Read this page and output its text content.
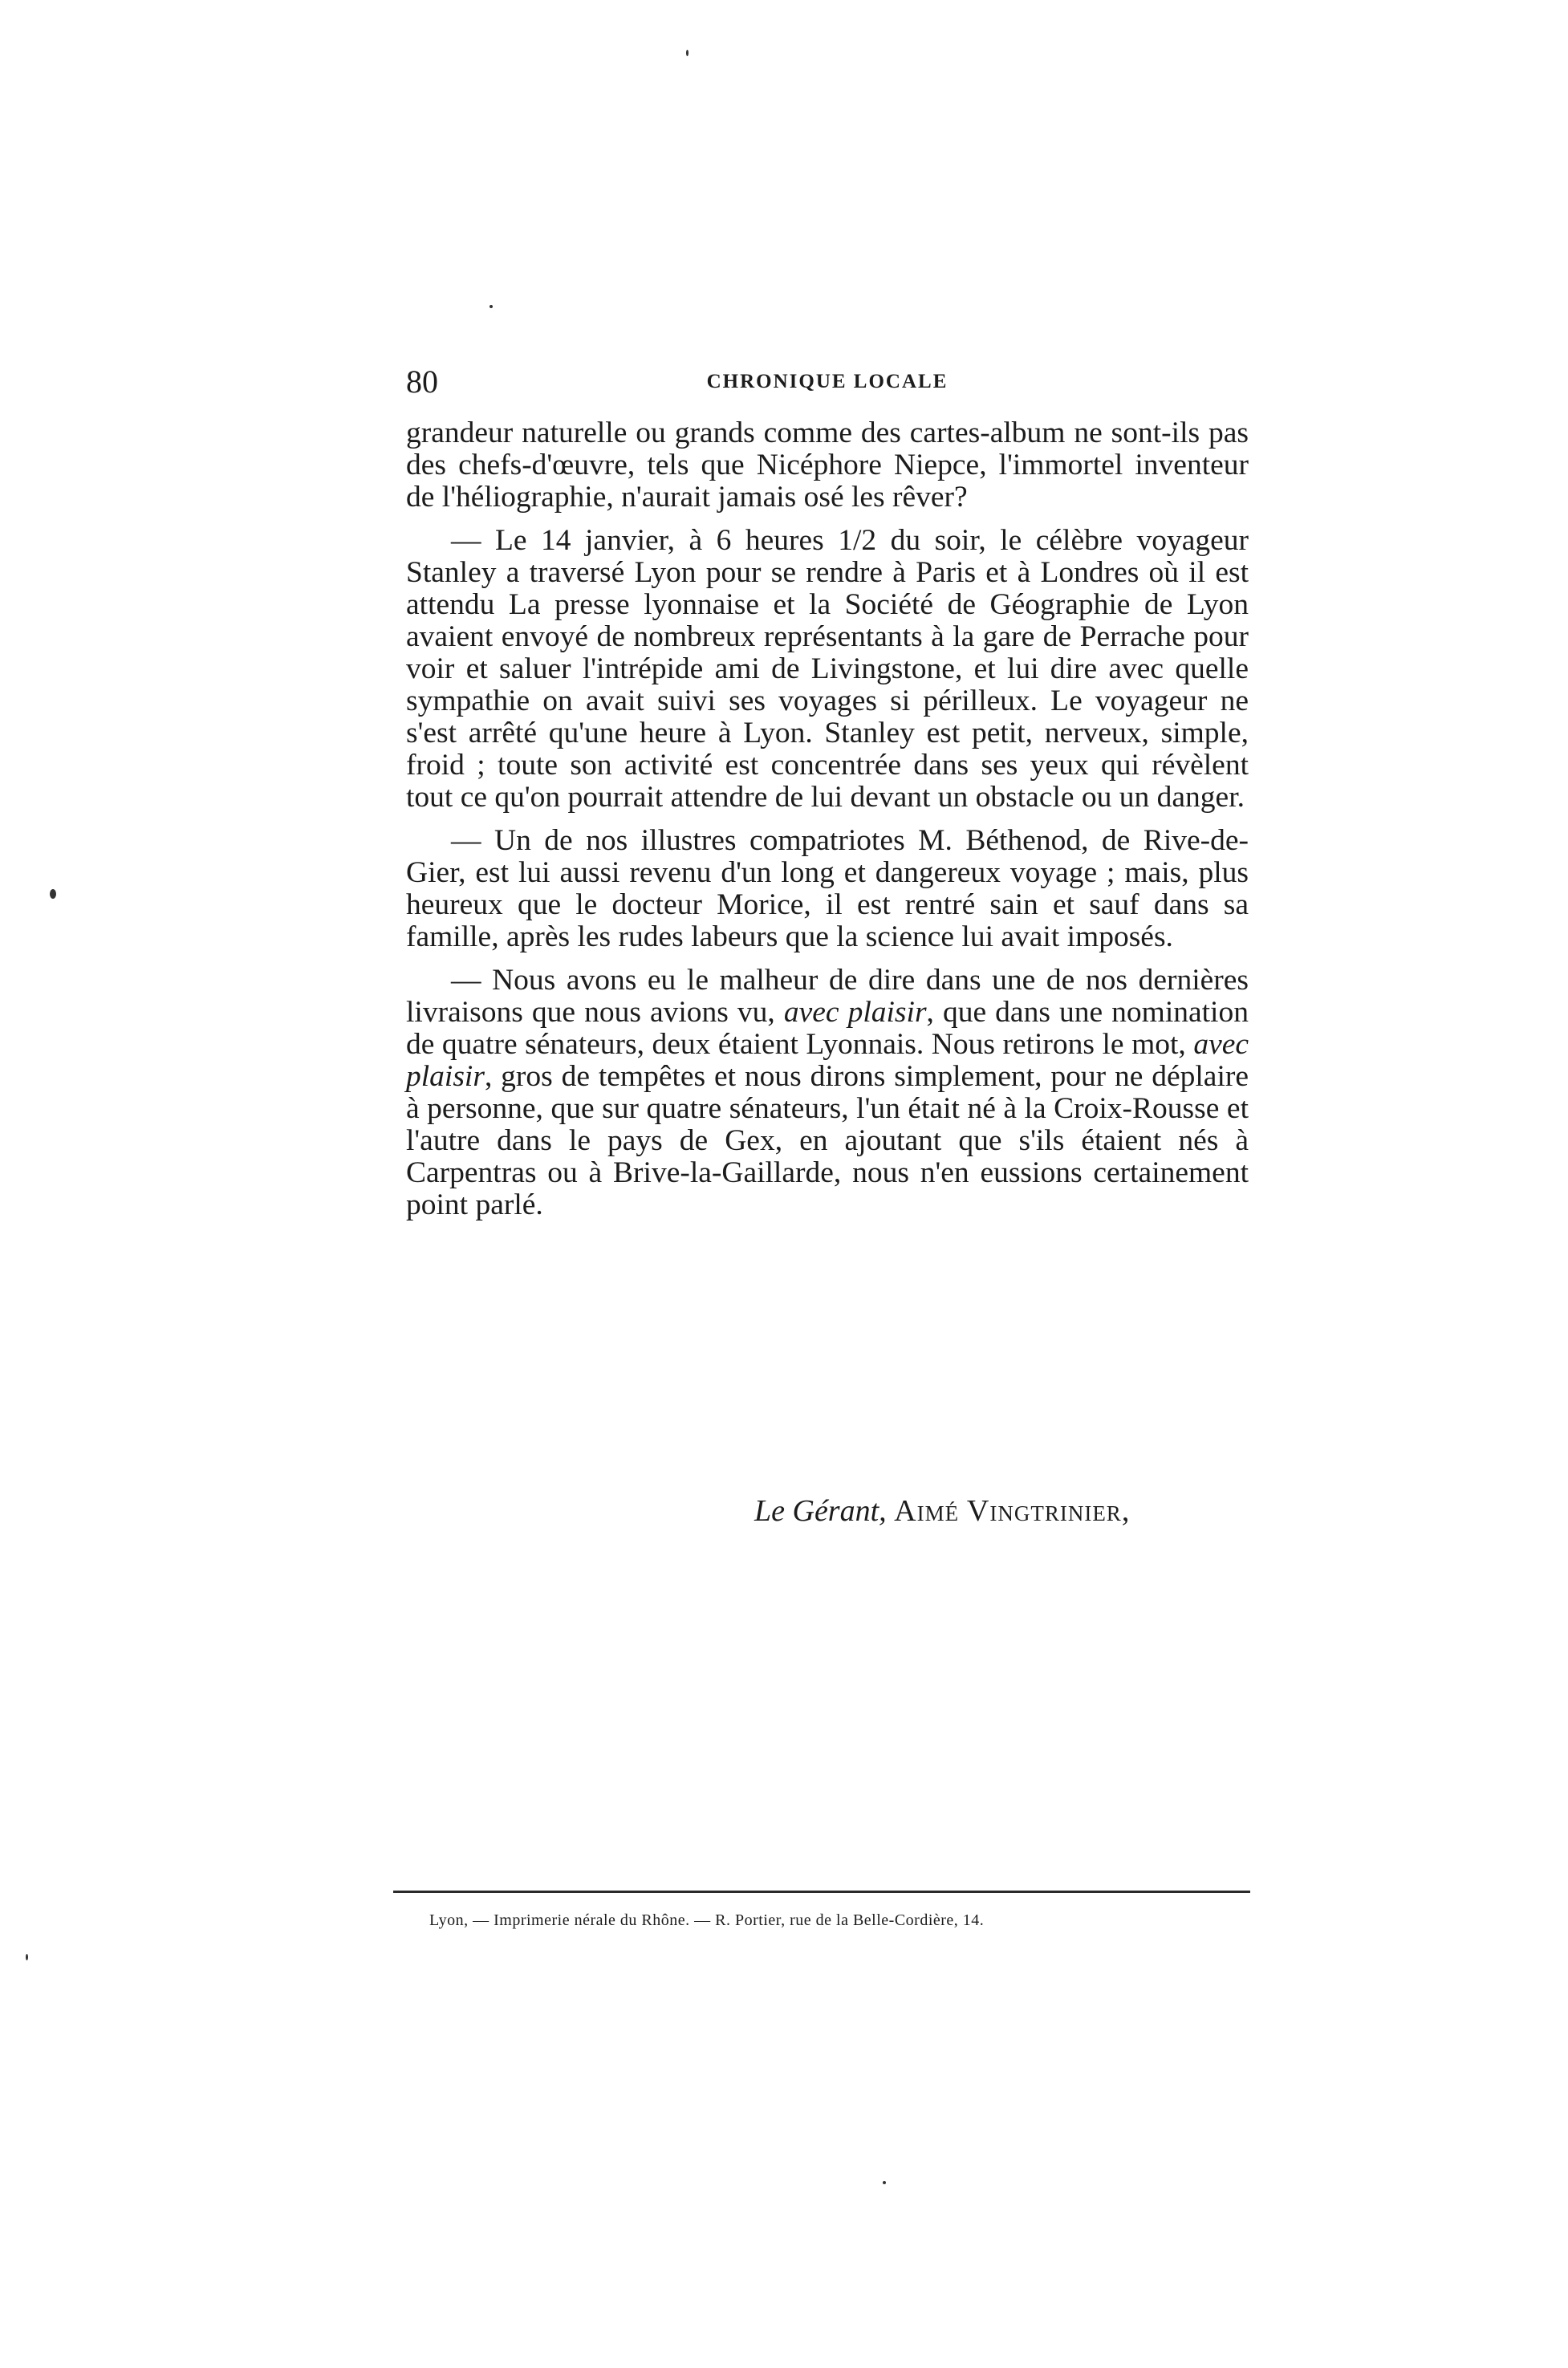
80	CHRONIQUE LOCALE

grandeur naturelle ou grands comme des cartes-album ne sont-ils pas des chefs-d'œuvre, tels que Nicéphore Niepce, l'immortel inventeur de l'héliographie, n'aurait jamais osé les rêver?

— Le 14 janvier, à 6 heures 1/2 du soir, le célèbre voyageur Stanley a traversé Lyon pour se rendre à Paris et à Londres où il est attendu La presse lyonnaise et la Société de Géographie de Lyon avaient envoyé de nombreux représentants à la gare de Perrache pour voir et saluer l'intrépide ami de Livingstone, et lui dire avec quelle sympathie on avait suivi ses voyages si périlleux. Le voyageur ne s'est arrêté qu'une heure à Lyon. Stanley est petit, nerveux, simple, froid ; toute son activité est concentrée dans ses yeux qui révèlent tout ce qu'on pourrait attendre de lui devant un obstacle ou un danger.

— Un de nos illustres compatriotes M. Béthenod, de Rive-de-Gier, est lui aussi revenu d'un long et dangereux voyage ; mais, plus heureux que le docteur Morice, il est rentré sain et sauf dans sa famille, après les rudes labeurs que la science lui avait imposés.

— Nous avons eu le malheur de dire dans une de nos dernières livraisons que nous avions vu, avec plaisir, que dans une nomination de quatre sénateurs, deux étaient Lyonnais. Nous retirons le mot, avec plaisir, gros de tempêtes et nous dirons simplement, pour ne déplaire à personne, que sur quatre sénateurs, l'un était né à la Croix-Rousse et l'autre dans le pays de Gex, en ajoutant que s'ils étaient nés à Carpentras ou à Brive-la-Gaillarde, nous n'en eussions certainement point parlé.

Le Gérant, Aimé Vingtrinier,
Lyon, — Imprimerie nérale du Rhône. — R. Portier, rue de la Belle-Cordière, 14.
